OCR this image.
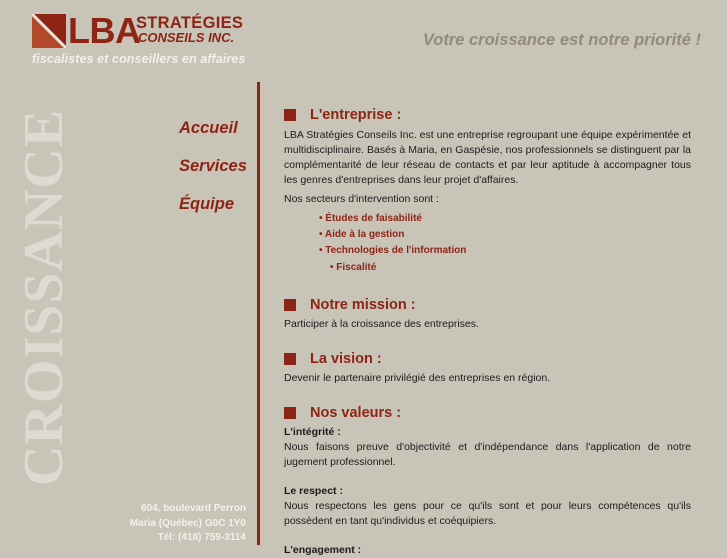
LBA
STRATÉGIES
CONSEILS INC.
fiscalistes et conseillers en affaires
Votre croissance est notre priorité !
CROISSANCE	Accueil
Services
Équipe
604, boulevard Perron
Maria (Québec) G0C 1Y0
Tél: (418) 759-3114
L'entreprise :

LBA Stratégies Conseils Inc. est une entreprise regroupant une équipe expérimentée et multidisciplinaire. Basés à Maria, en Gaspésie, nos professionnels se distinguent par la complémentarité de leur réseau de contacts et par leur aptitude à accompagner tous les genres d'entreprises dans leur projet d'affaires.

Nos secteurs d'intervention sont :

• Études de faisabilité
• Aide à la gestion
• Technologies de l'information
• Fiscalité
Notre mission :

Participer à la croissance des entreprises.

La vision :

Devenir le partenaire privilégié des entreprises en région.

Nos valeurs :

L'intégrité :

Nous faisons preuve d'objectivité et d'indépendance dans l'application de notre jugement professionnel.

Le respect :

Nous respectons les gens pour ce qu'ils sont et pour leurs compétences qu'ils possèdent en tant qu'individus et coéquipiers.

L'engagement :
